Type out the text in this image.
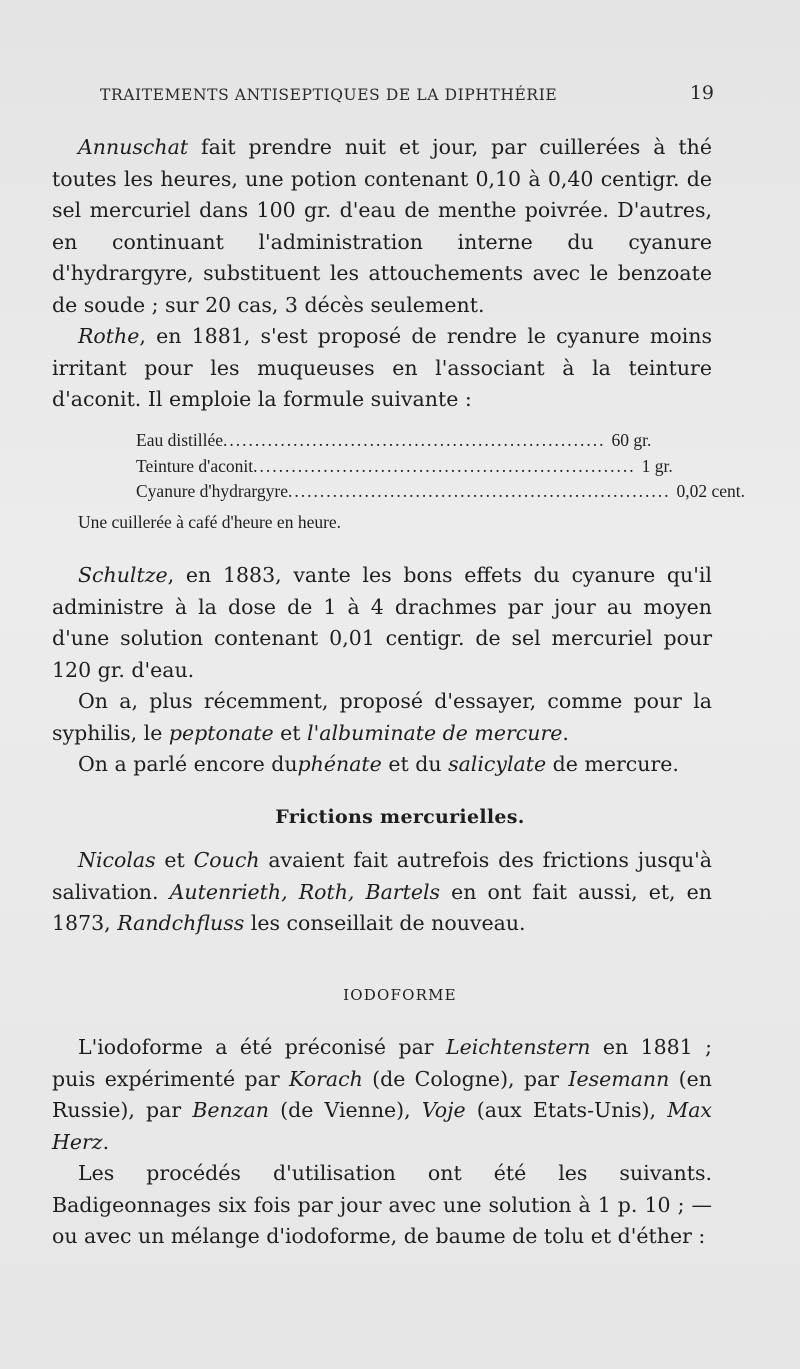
TRAITEMENTS ANTISEPTIQUES DE LA DIPHTHÉRIE	19

Annuschat fait prendre nuit et jour, par cuillerées à thé toutes les heures, une potion contenant 0,10 à 0,40 centigr. de sel mercuriel dans 100 gr. d'eau de menthe poivrée. D'autres, en continuant l'administration interne du cyanure d'hydrargyre, substituent les attouchements avec le benzoate de soude ; sur 20 cas, 3 décès seulement.

Rothe, en 1881, s'est proposé de rendre le cyanure moins irritant pour les muqueuses en l'associant à la teinture d'aconit. Il emploie la formule suivante :

Eau distillée ............................................................ 60 gr.
Teinture d'aconit ............................................................ 1 gr.
Cyanure d'hydrargyre ............................................................ 0,02 cent.
Une cuillerée à café d'heure en heure.

Schultze, en 1883, vante les bons effets du cyanure qu'il administre à la dose de 1 à 4 drachmes par jour au moyen d'une solution contenant 0,01 centigr. de sel mercuriel pour 120 gr. d'eau.

On a, plus récemment, proposé d'essayer, comme pour la syphilis, le peptonate et l'albuminate de mercure.

On a parlé encore duphénate et du salicylate de mercure.

Frictions mercurielles.

Nicolas et Couch avaient fait autrefois des frictions jusqu'à salivation. Autenrieth, Roth, Bartels en ont fait aussi, et, en 1873, Randchfluss les conseillait de nouveau.

IODOFORME

L'iodoforme a été préconisé par Leichtenstern en 1881 ; puis expérimenté par Korach (de Cologne), par Iesemann (en Russie), par Benzan (de Vienne), Voje (aux Etats-Unis), Max Herz.

Les procédés d'utilisation ont été les suivants. Badigeonnages six fois par jour avec une solution à 1 p. 10 ; — ou avec un mélange d'iodoforme, de baume de tolu et d'éther :
